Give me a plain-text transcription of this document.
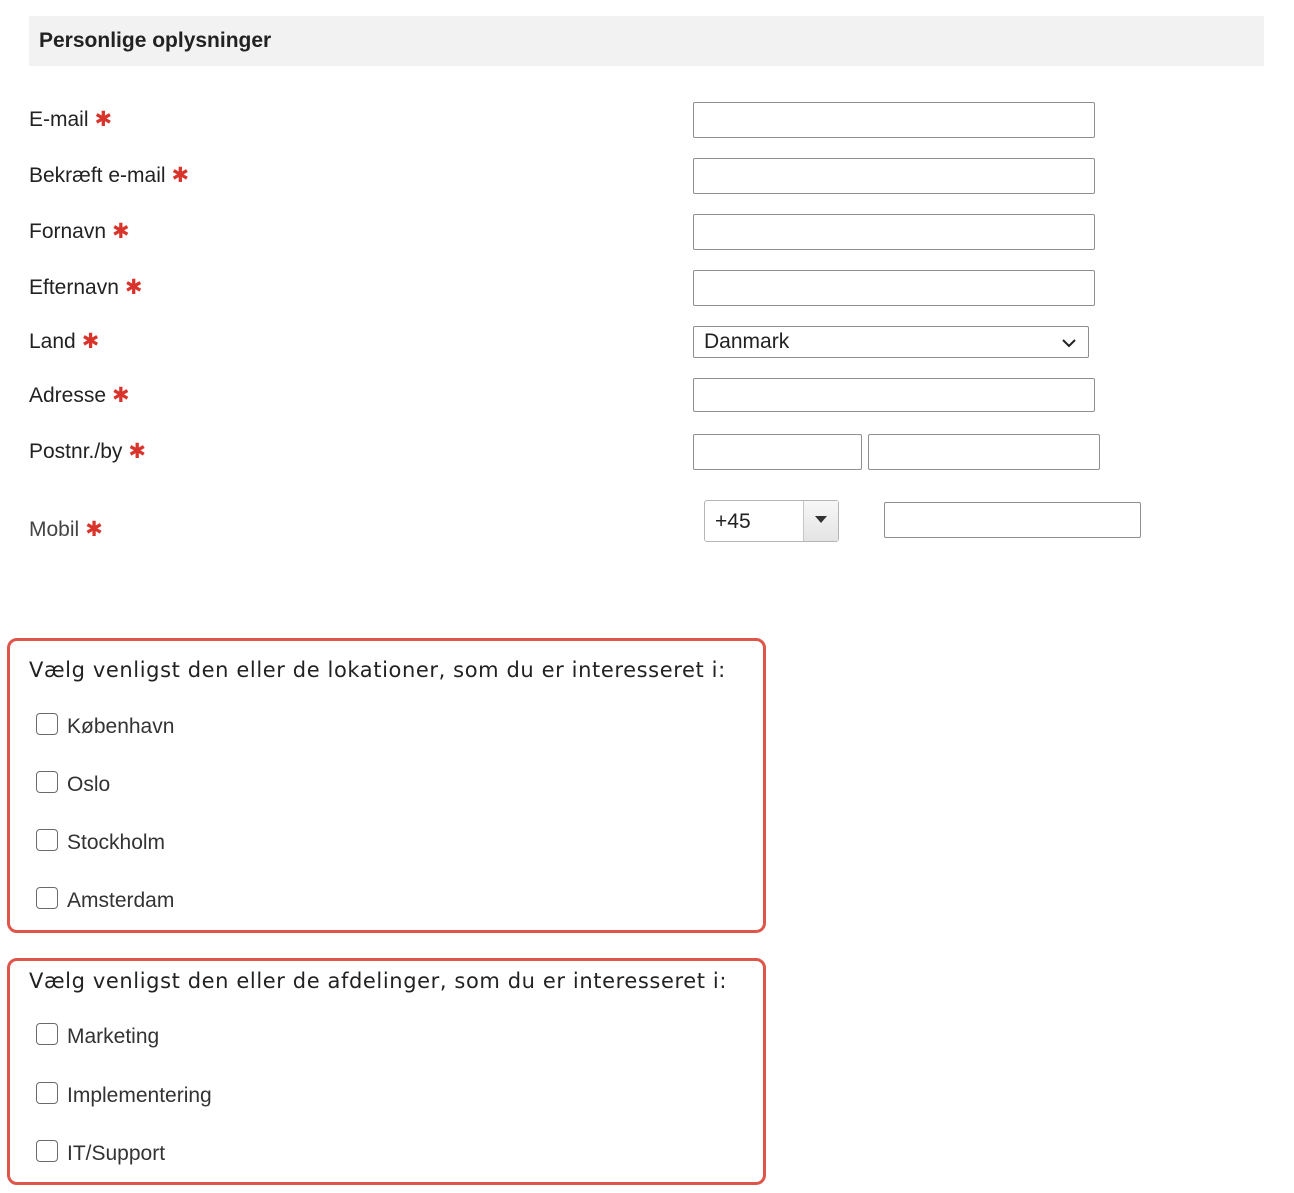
Personlige oplysninger
E-mail ✱
Bekræft e-mail ✱
Fornavn ✱
Efternavn ✱
Land ✱	Danmark
Adresse ✱
Postnr./by ✱
Mobil ✱	+45
Vælg venligst den eller de lokationer, som du er interesseret i:
København
Oslo
Stockholm
Amsterdam
Vælg venligst den eller de afdelinger, som du er interesseret i:
Marketing
Implementering
IT/Support
